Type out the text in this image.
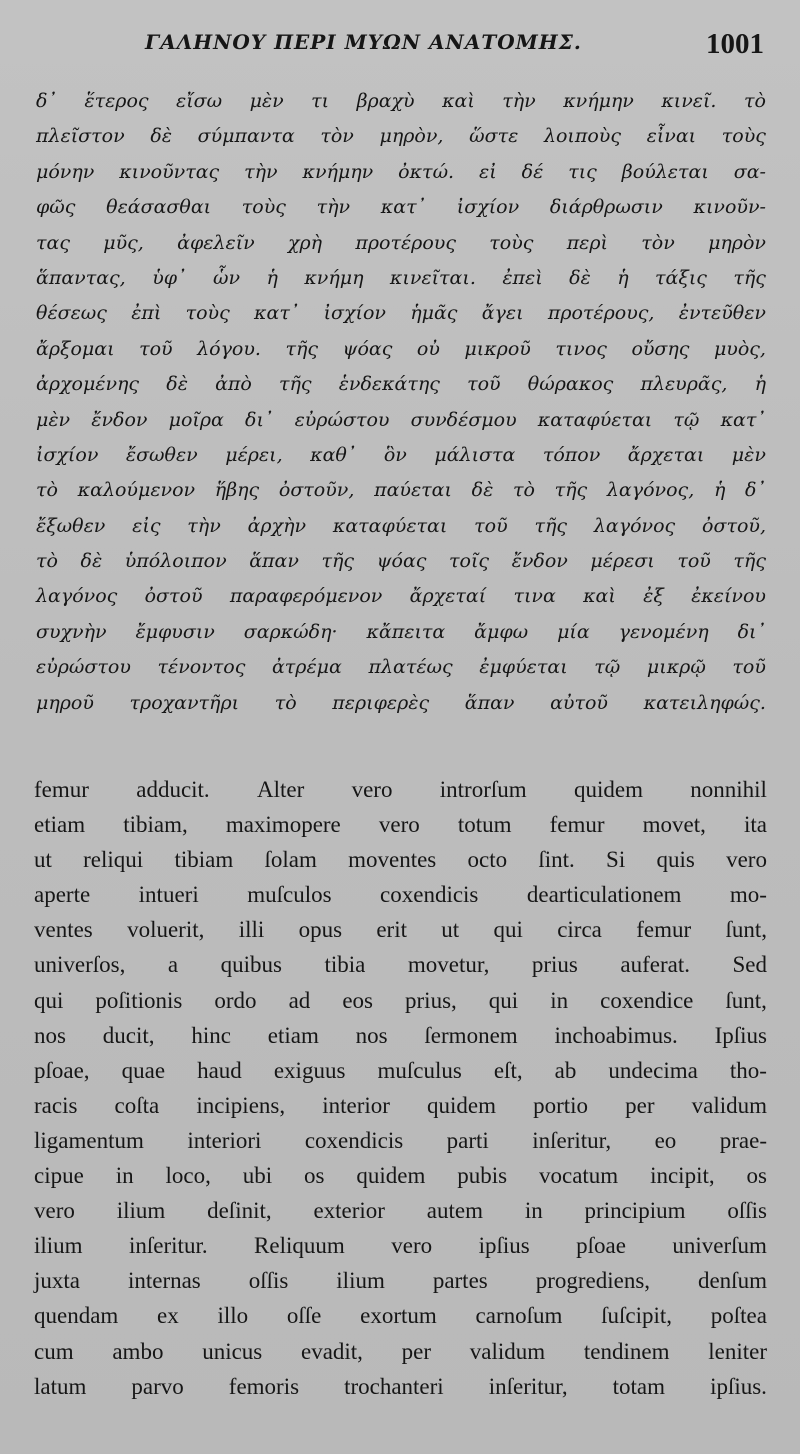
ΓΑΛΗΝΟΥ ΠΕΡΙ ΜΥΩΝ ΑΝΑΤΟΜΗΣ.	1001
δ᾿ ἕτερος εἴσω μὲν τι βραχὺ καὶ τὴν κνήμην κινεῖ. τὸ
πλεῖστον δὲ σύμπαντα τὸν μηρὸν, ὥστε λοιποὺς εἶναι τοὺς
μόνην κινοῦντας τὴν κνήμην ὀκτώ. εἰ δέ τις βούλεται σα-
φῶς θεάσασθαι τοὺς τὴν κατ᾿ ἰσχίον διάρθρωσιν κινοῦν-
τας μῦς, ἀφελεῖν χρὴ προτέρους τοὺς περὶ τὸν μηρὸν
ἅπαντας, ὑφ᾿ ὧν ἡ κνήμη κινεῖται. ἐπεὶ δὲ ἡ τάξις τῆς
θέσεως ἐπὶ τοὺς κατ᾿ ἰσχίον ἡμᾶς ἄγει προτέρους, ἐντεῦθεν
ἄρξομαι τοῦ λόγου. τῆς ψόας οὐ μικροῦ τινος οὔσης μυὸς,
ἀρχομένης δὲ ἀπὸ τῆς ἑνδεκάτης τοῦ θώρακος πλευρᾶς, ἡ
μὲν ἔνδον μοῖρα δι᾿ εὐρώστου συνδέσμου καταφύεται τῷ κατ᾿
ἰσχίον ἔσωθεν μέρει, καθ᾿ ὃν μάλιστα τόπον ἄρχεται μὲν
τὸ καλούμενον ἥβης ὀστοῦν, παύεται δὲ τὸ τῆς λαγόνος, ἡ δ᾿
ἔξωθεν εἰς τὴν ἀρχὴν καταφύεται τοῦ τῆς λαγόνος ὀστοῦ,
τὸ δὲ ὑπόλοιπον ἅπαν τῆς ψόας τοῖς ἔνδον μέρεσι τοῦ τῆς
λαγόνος ὀστοῦ παραφερόμενον ἄρχεταί τινα καὶ ἐξ ἐκείνου
συχνὴν ἔμφυσιν σαρκώδη· κἄπειτα ἄμφω μία γενομένη δι᾿
εὐρώστου τένοντος ἀτρέμα πλατέως ἐμφύεται τῷ μικρῷ τοῦ
μηροῦ τροχαντῆρι τὸ περιφερὲς ἅπαν αὐτοῦ κατειληφώς.
femur adducit. Alter vero introrſum quidem nonnihil
etiam tibiam, maximopere vero totum femur movet, ita
ut reliqui tibiam ſolam moventes octo ſint. Si quis vero
aperte intueri muſculos coxendicis dearticulationem mo-
ventes voluerit, illi opus erit ut qui circa femur ſunt,
univerſos, a quibus tibia movetur, prius auferat. Sed
qui poſitionis ordo ad eos prius, qui in coxendice ſunt,
nos ducit, hinc etiam nos ſermonem inchoabimus. Ipſius
pſoae, quae haud exiguus muſculus eſt, ab undecima tho-
racis coſta incipiens, interior quidem portio per validum
ligamentum interiori coxendicis parti inſeritur, eo prae-
cipue in loco, ubi os quidem pubis vocatum incipit, os
vero ilium deſinit, exterior autem in principium oſſis
ilium inſeritur. Reliquum vero ipſius pſoae univerſum
juxta internas oſſis ilium partes progrediens, denſum
quendam ex illo oſſe exortum carnoſum ſuſcipit, poſtea
cum ambo unicus evadit, per validum tendinem leniter
latum parvo femoris trochanteri inſeritur, totam ipſius.
